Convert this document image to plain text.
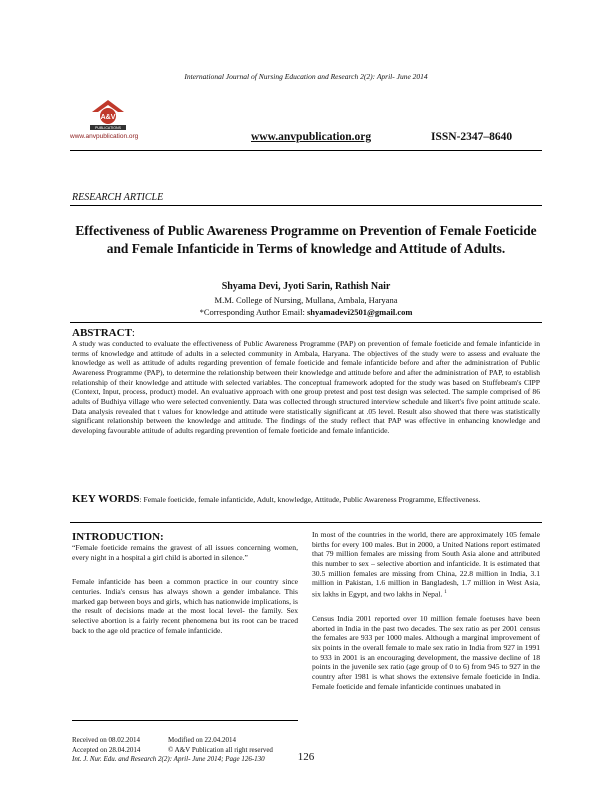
International Journal of Nursing Education and Research 2(2): April- June 2014
A&V
PUBLICATIONS
www.anvpublication.org	www.anvpublication.org	ISSN-2347–8640
RESEARCH ARTICLE
Effectiveness of Public Awareness Programme on Prevention of Female Foeticide and Female Infanticide in Terms of knowledge and Attitude of Adults.
Shyama Devi, Jyoti Sarin, Rathish Nair
M.M. College of Nursing, Mullana, Ambala, Haryana
*Corresponding Author Email: shyamadevi2501@gmail.com
ABSTRACT:

A study was conducted to evaluate the effectiveness of Public Awareness Programme (PAP) on prevention of female foeticide and female infanticide in terms of knowledge and attitude of adults in a selected community in Ambala, Haryana. The objectives of the study were to assess and evaluate the knowledge as well as attitude of adults regarding prevention of female foeticide and female infanticide before and after the administration of Public Awareness Programme (PAP), to determine the relationship between their knowledge and attitude before and after the administration of PAP, to establish relationship of their knowledge and attitude with selected variables. The conceptual framework adopted for the study was based on Stuffebeam's CIPP (Context, Input, process, product) model. An evaluative approach with one group pretest and post test design was selected. The sample comprised of 86 adults of Budhiya village who were selected conveniently. Data was collected through structured interview schedule and likert's five point attitude scale. Data analysis revealed that t values for knowledge and attitude were statistically significant at .05 level. Result also showed that there was statistically significant relationship between the knowledge and attitude. The findings of the study reflect that PAP was effective in enhancing knowledge and developing favourable attitude of adults regarding prevention of female foeticide and female infanticide.

KEY WORDS: Female foeticide, female infanticide, Adult, knowledge, Attitude, Public Awareness Programme, Effectiveness.
INTRODUCTION:

“Female foeticide remains the gravest of all issues concerning women, every night in a hospital a girl child is aborted in silence.”

Female infanticide has been a common practice in our country since centuries. India's census has always shown a gender imbalance. This marked gap between boys and girls, which has nationwide implications, is the result of decisions made at the most local level- the family. Sex selective abortion is a fairly recent phenomena but its root can be traced back to the age old practice of female infanticide.

In most of the countries in the world, there are approximately 105 female births for every 100 males. But in 2000, a United Nations report estimated that 79 million females are missing from South Asia alone and attributed this number to sex – selective abortion and infanticide. It is estimated that 30.5 million females are missing from China, 22.8 million in India, 3.1 million in Pakistan, 1.6 million in Bangladesh, 1.7 million in West Asia, six lakhs in Egypt, and two lakhs in Nepal. $^1$

Census India 2001 reported over 10 million female foetuses have been aborted in India in the past two decades. The sex ratio as per 2001 census the females are 933 per 1000 males. Although a marginal improvement of six points in the overall female to male sex ratio in India from 927 in 1991 to 933 in 2001 is an encouraging development, the massive decline of 18 points in the juvenile sex ratio (age group of 0 to 6) from 945 to 927 in the country after 1981 is what shows the extensive female foeticide in India. Female foeticide and female infanticide continues unabated in

Received on 08.02.2014	Modified on 22.04.2014
Accepted on 28.04.2014	© A&V Publication all right reserved
Int. J. Nur. Edu. and Research 2(2): April- June 2014; Page 126-130	126
